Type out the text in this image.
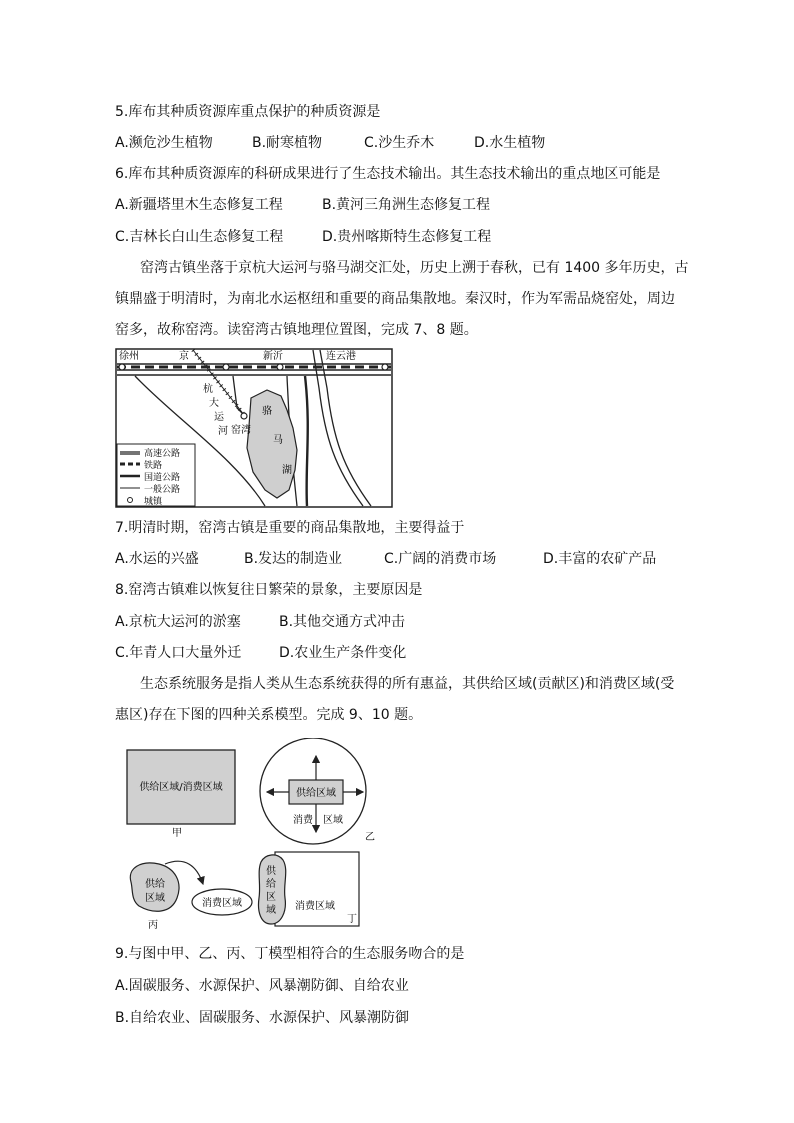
5.库布其种质资源库重点保护的种质资源是
A.濒危沙生植物	B.耐寒植物	C.沙生乔木	D.水生植物
6.库布其种质资源库的科研成果进行了生态技术输出。其生态技术输出的重点地区可能是
A.新疆塔里木生态修复工程	B.黄河三角洲生态修复工程
C.吉林长白山生态修复工程	D.贵州喀斯特生态修复工程
窑湾古镇坐落于京杭大运河与骆马湖交汇处，历史上溯于春秋，已有 1400 多年历史，古
镇鼎盛于明清时，为南北水运枢纽和重要的商品集散地。秦汉时，作为军需品烧窑处，周边
窑多，故称窑湾。读窑湾古镇地理位置图，完成 7、8 题。
徐州	京	新沂	连云港
杭
大
运
河
骆
马
湖
窑湾
高速公路
铁路
国道公路
一般公路
城镇
7.明清时期，窑湾古镇是重要的商品集散地，主要得益于
A.水运的兴盛	B.发达的制造业	C.广阔的消费市场	D.丰富的农矿产品
8.窑湾古镇难以恢复往日繁荣的景象，主要原因是
A.京杭大运河的淤塞	B.其他交通方式冲击
C.年青人口大量外迁	D.农业生产条件变化
生态系统服务是指人类从生态系统获得的所有惠益，其供给区域(贡献区)和消费区域(受
惠区)存在下图的四种关系模型。完成 9、10 题。
供给区域/消费区域
甲
供给区域
消 费 区 域
乙
供给
区域	消费区域
丙
供
给
区
域 消费区域
丁
9.与图中甲、乙、丙、丁模型相符合的生态服务吻合的是
A.固碳服务、水源保护、风暴潮防御、自给农业
B.自给农业、固碳服务、水源保护、风暴潮防御
